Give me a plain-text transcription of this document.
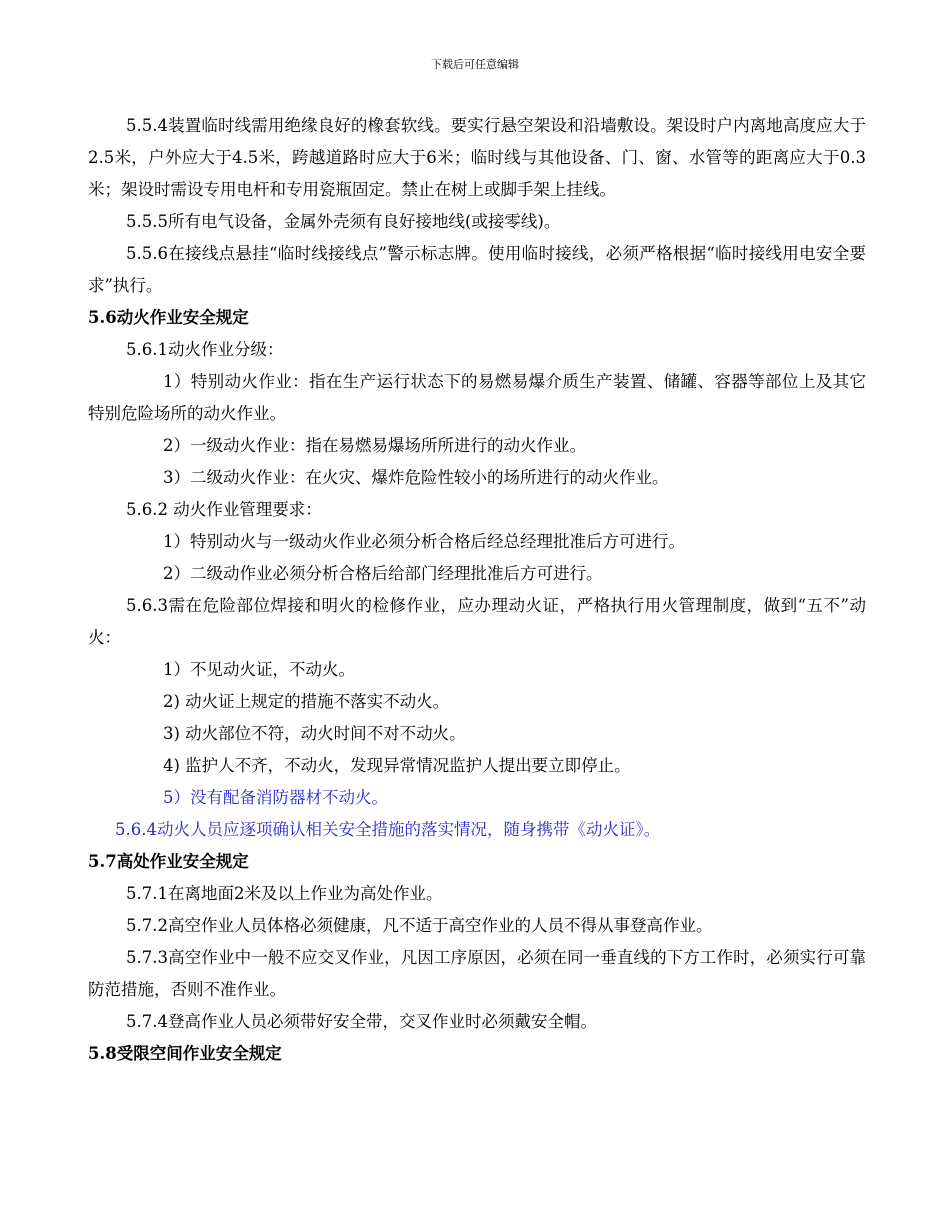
下载后可任意编辑

5.5.4装置临时线需用绝缘良好的橡套软线。要实行悬空架设和沿墙敷设。架设时户内离地高度应大于2.5米，户外应大于4.5米，跨越道路时应大于6米；临时线与其他设备、门、窗、水管等的距离应大于0.3米；架设时需设专用电杆和专用瓷瓶固定。禁止在树上或脚手架上挂线。

5.5.5所有电气设备，金属外壳须有良好接地线(或接零线)。

5.5.6在接线点悬挂“临时线接线点”警示标志牌。使用临时接线，必须严格根据“临时接线用电安全要求”执行。

5.6动火作业安全规定

5.6.1动火作业分级：

1）特别动火作业：指在生产运行状态下的易燃易爆介质生产装置、储罐、容器等部位上及其它特别危险场所的动火作业。

2）一级动火作业：指在易燃易爆场所所进行的动火作业。

3）二级动火作业：在火灾、爆炸危险性较小的场所进行的动火作业。

5.6.2 动火作业管理要求：

1）特别动火与一级动火作业必须分析合格后经总经理批准后方可进行。

2）二级动作业必须分析合格后给部门经理批准后方可进行。

5.6.3需在危险部位焊接和明火的检修作业，应办理动火证，严格执行用火管理制度，做到“五不”动火：

1）不见动火证，不动火。

2) 动火证上规定的措施不落实不动火。

3) 动火部位不符，动火时间不对不动火。

4) 监护人不齐，不动火，发现异常情况监护人提出要立即停止。

5）没有配备消防器材不动火。

5.6.4动火人员应逐项确认相关安全措施的落实情况，随身携带《动火证》。

5.7高处作业安全规定

5.7.1在离地面2米及以上作业为高处作业。

5.7.2高空作业人员体格必须健康，凡不适于高空作业的人员不得从事登高作业。

5.7.3高空作业中一般不应交叉作业，凡因工序原因，必须在同一垂直线的下方工作时，必须实行可靠防范措施，否则不准作业。

5.7.4登高作业人员必须带好安全带，交叉作业时必须戴安全帽。

5.8受限空间作业安全规定
